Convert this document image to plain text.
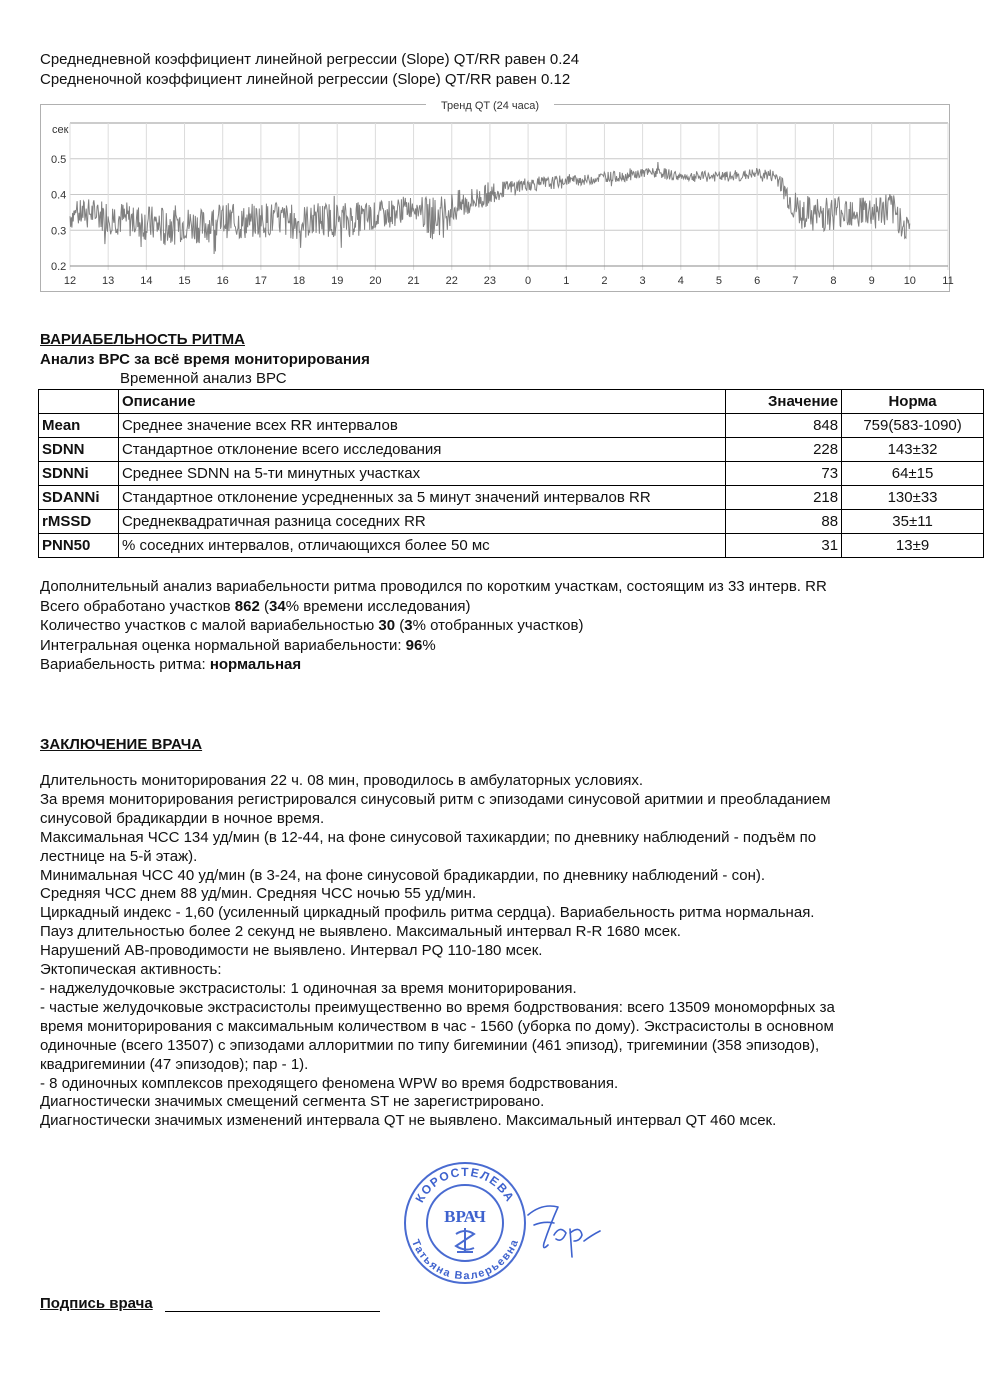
Среднедневной коэффициент линейной регрессии (Slope) QT/RR равен 0.24
Средненочной коэффициент линейной регрессии (Slope) QT/RR равен 0.12
Тренд QT (24 часа)
сек
0.5
0.4
0.3
0.2
12 13 14 15 16 17 18 19 20 21 22 23	0	1	2	3	4	5	6	7	8	9	10 11
ВАРИАБЕЛЬНОСТЬ РИТМА
Анализ ВРС за всё время мониторирования
Временной анализ ВРС
	Описание	Значение	Норма
Mean	Среднее значение всех RR интервалов	848	759(583-1090)
SDNN	Стандартное отклонение всего исследования	228	143±32
SDNNi	Среднее SDNN на 5-ти минутных участках	73	64±15
SDANNi	Стандартное отклонение усредненных за 5 минут значений интервалов RR	218	130±33
rMSSD	Среднеквадратичная разница соседних RR	88	35±11
PNN50	% соседних интервалов, отличающихся более 50 мс	31	13±9
Дополнительный анализ вариабельности ритма проводился по коротким участкам, состоящим из 33 интерв. RR
Всего обработано участков 862 (34% времени исследования)
Количество участков с малой вариабельностью 30 (3% отобранных участков)
Интегральная оценка нормальной вариабельности: 96%
Вариабельность ритма: нормальная
ЗАКЛЮЧЕНИЕ ВРАЧА
Длительность мониторирования 22 ч. 08 мин, проводилось в амбулаторных условиях.
За время мониторирования регистрировался синусовый ритм с эпизодами синусовой аритмии и преобладанием
синусовой брадикардии в ночное время.
Максимальная ЧСС 134 уд/мин (в 12-44, на фоне синусовой тахикардии; по дневнику наблюдений - подъём по
лестнице на 5-й этаж).
Минимальная ЧСС 40 уд/мин (в 3-24, на фоне синусовой брадикардии, по дневнику наблюдений - сон).
Средняя ЧСС днем 88 уд/мин. Средняя ЧСС ночью 55 уд/мин.
Циркадный индекс - 1,60 (усиленный циркадный профиль ритма сердца). Вариабельность ритма нормальная.
Пауз длительностью более 2 секунд не выявлено. Максимальный интервал R-R 1680 мсек.
Нарушений АВ-проводимости не выявлено. Интервал PQ 110-180 мсек.
Эктопическая активность:
- наджелудочковые экстрасистолы: 1 одиночная за время мониторирования.
- частые желудочковые экстрасистолы преимущественно во время бодрствования: всего 13509 мономорфных за
время мониторирования с максимальным количеством в час - 1560 (уборка по дому). Экстрасистолы в основном
одиночные (всего 13507) с эпизодами аллоритмии по типу бигеминии (461 эпизод), тригеминии (358 эпизодов),
квадригеминии (47 эпизодов); пар - 1).
- 8 одиночных комплексов преходящего феномена WPW во время бодрствования.
Диагностически значимых смещений сегмента ST не зарегистрировано.
Диагностически значимых изменений интервала QT не выявлено. Максимальный интервал QT 460 мсек.
КОРОСТЕЛЕВА
Татьяна Валерьевна
ВРАЧ
Подпись врача
